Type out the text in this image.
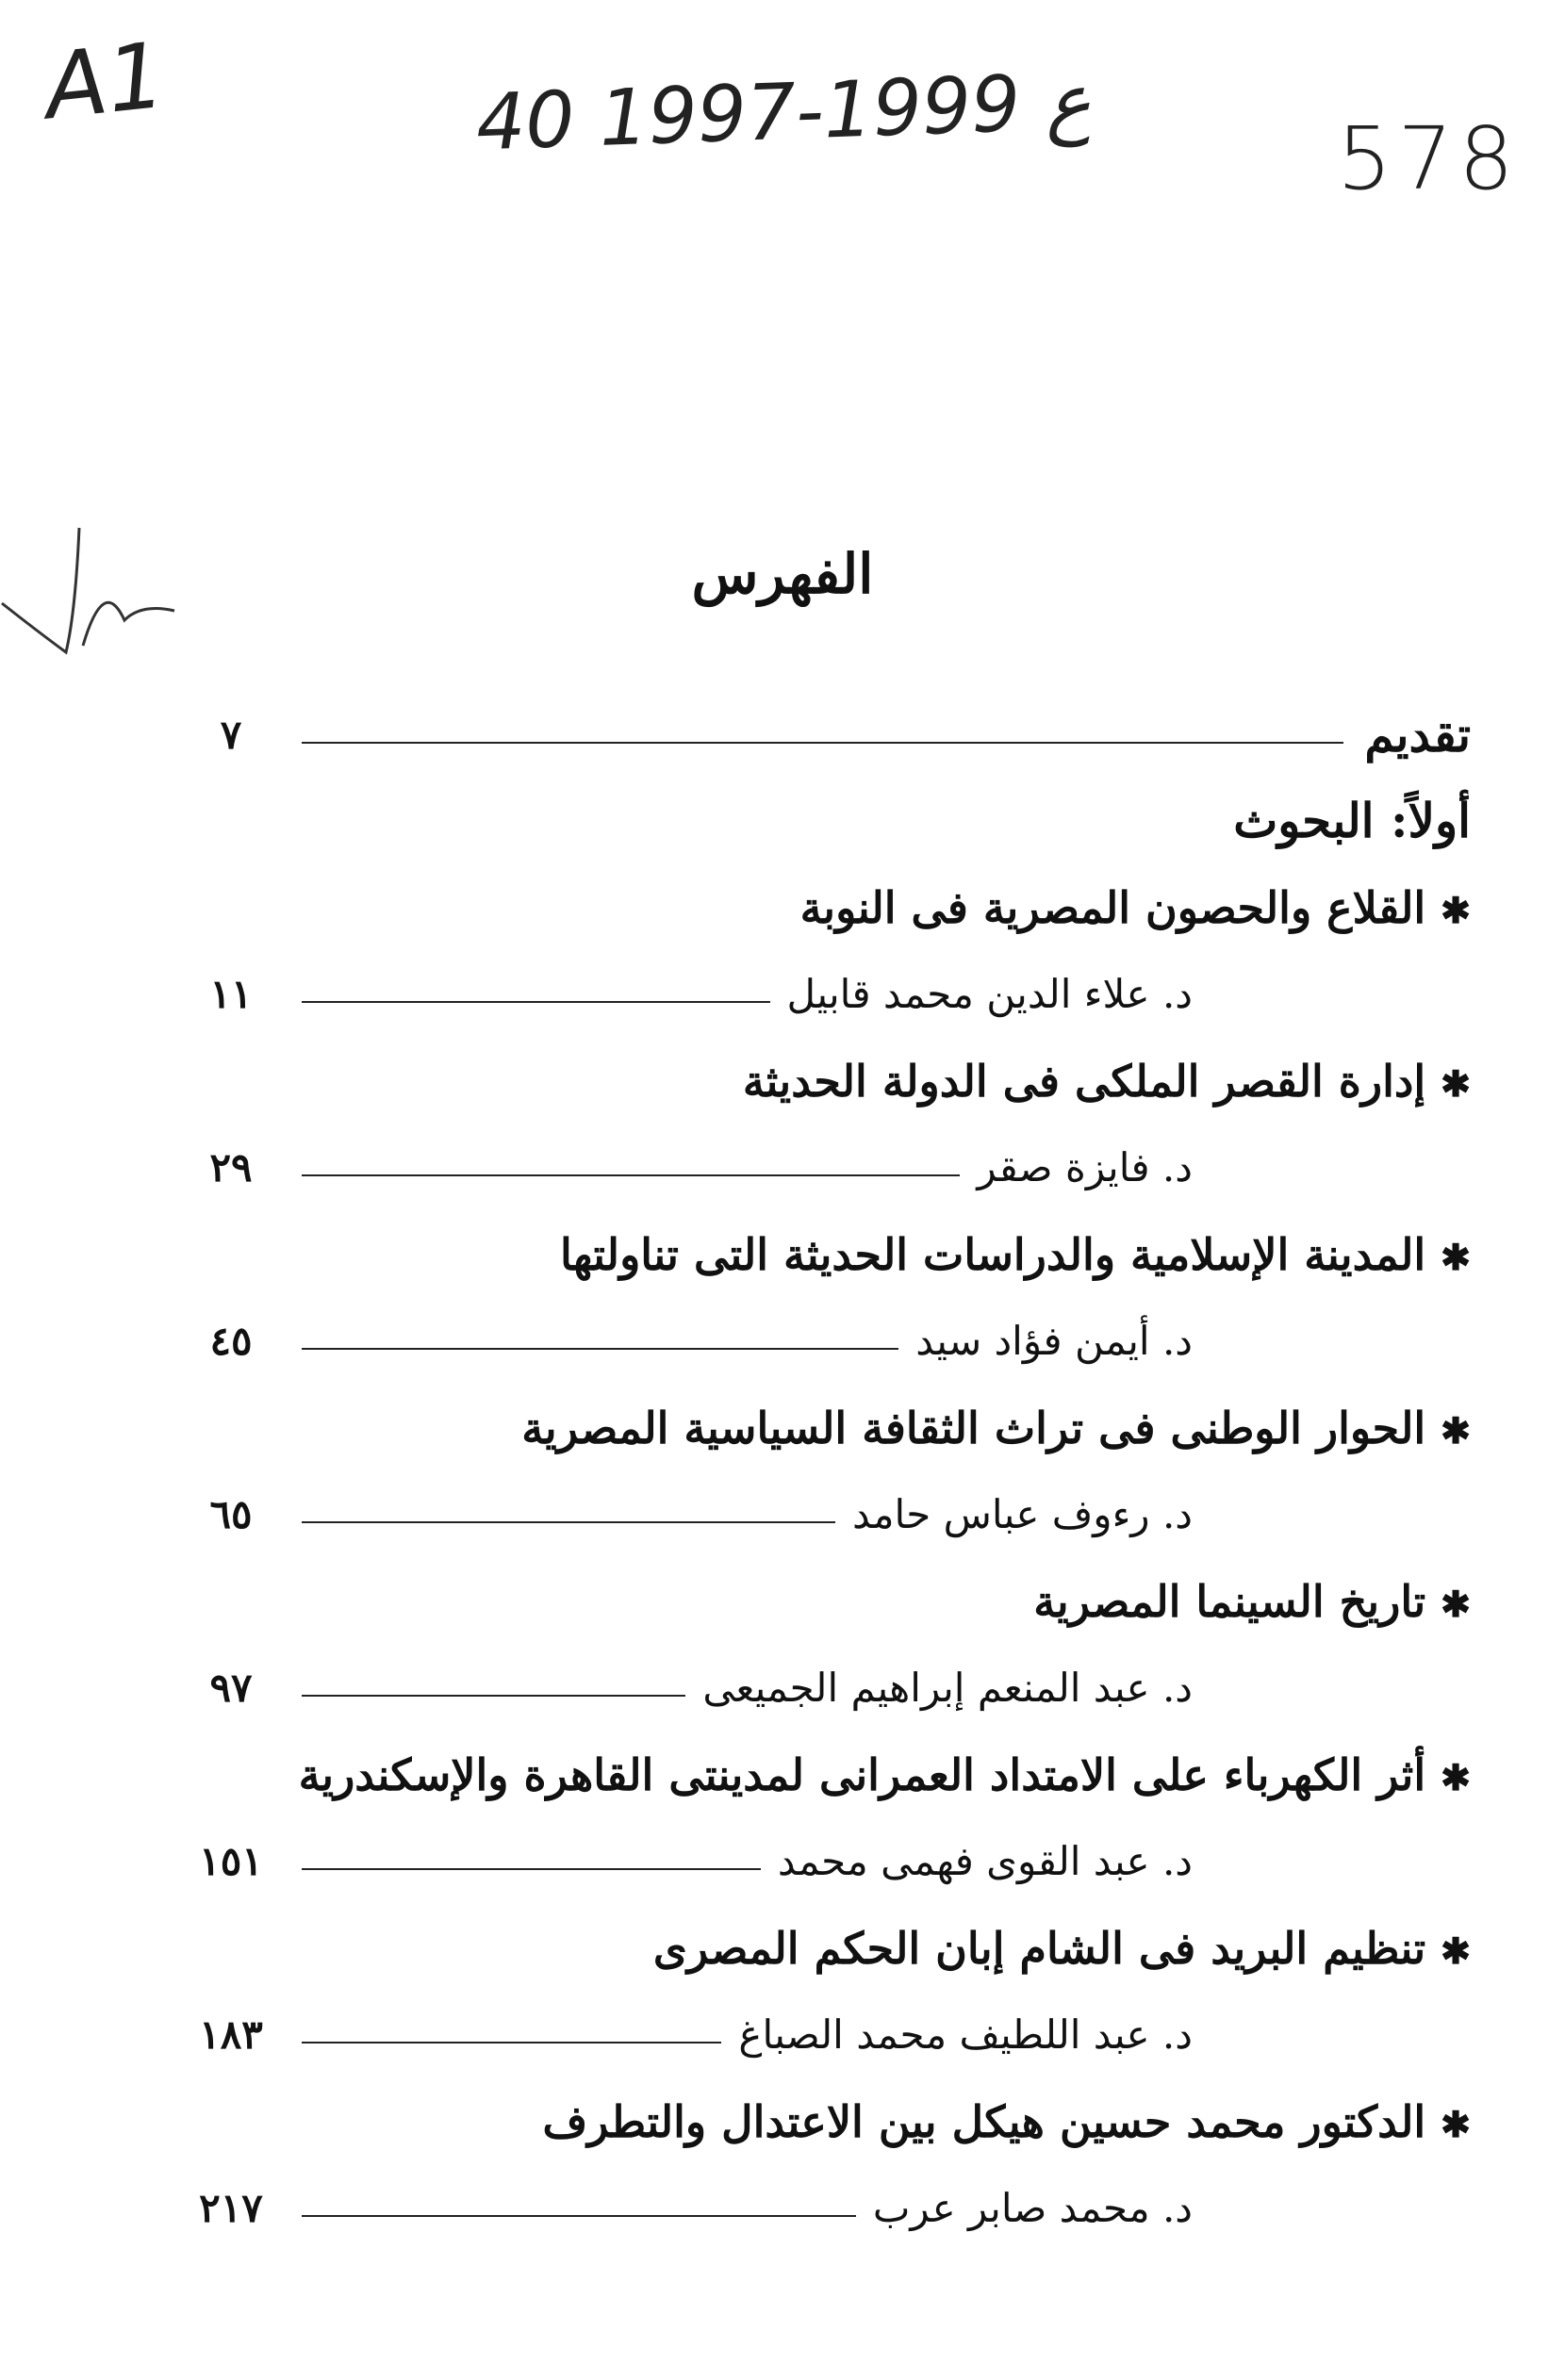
A1	40 ع 1999-1997
578
الفهرس
تقديم
٧
أولاً: البحوث
✱ القلاع والحصون المصرية فى النوبة
د. علاء الدين محمد قابيل
١١
✱ إدارة القصر الملكى فى الدولة الحديثة
د. فايزة صقر
٢٩
✱ المدينة الإسلامية والدراسات الحديثة التى تناولتها
د. أيمن فؤاد سيد
٤٥
✱ الحوار الوطنى فى تراث الثقافة السياسية المصرية
د. رءوف عباس حامد
٦٥
✱ تاريخ السينما المصرية
د. عبد المنعم إبراهيم الجميعى
٩٧
✱ أثر الكهرباء على الامتداد العمرانى لمدينتى القاهرة والإسكندرية
د. عبد القوى فهمى محمد
١٥١
✱ تنظيم البريد فى الشام إبان الحكم المصرى
د. عبد اللطيف محمد الصباغ
١٨٣
✱ الدكتور محمد حسين هيكل بين الاعتدال والتطرف
د. محمد صابر عرب
٢١٧
